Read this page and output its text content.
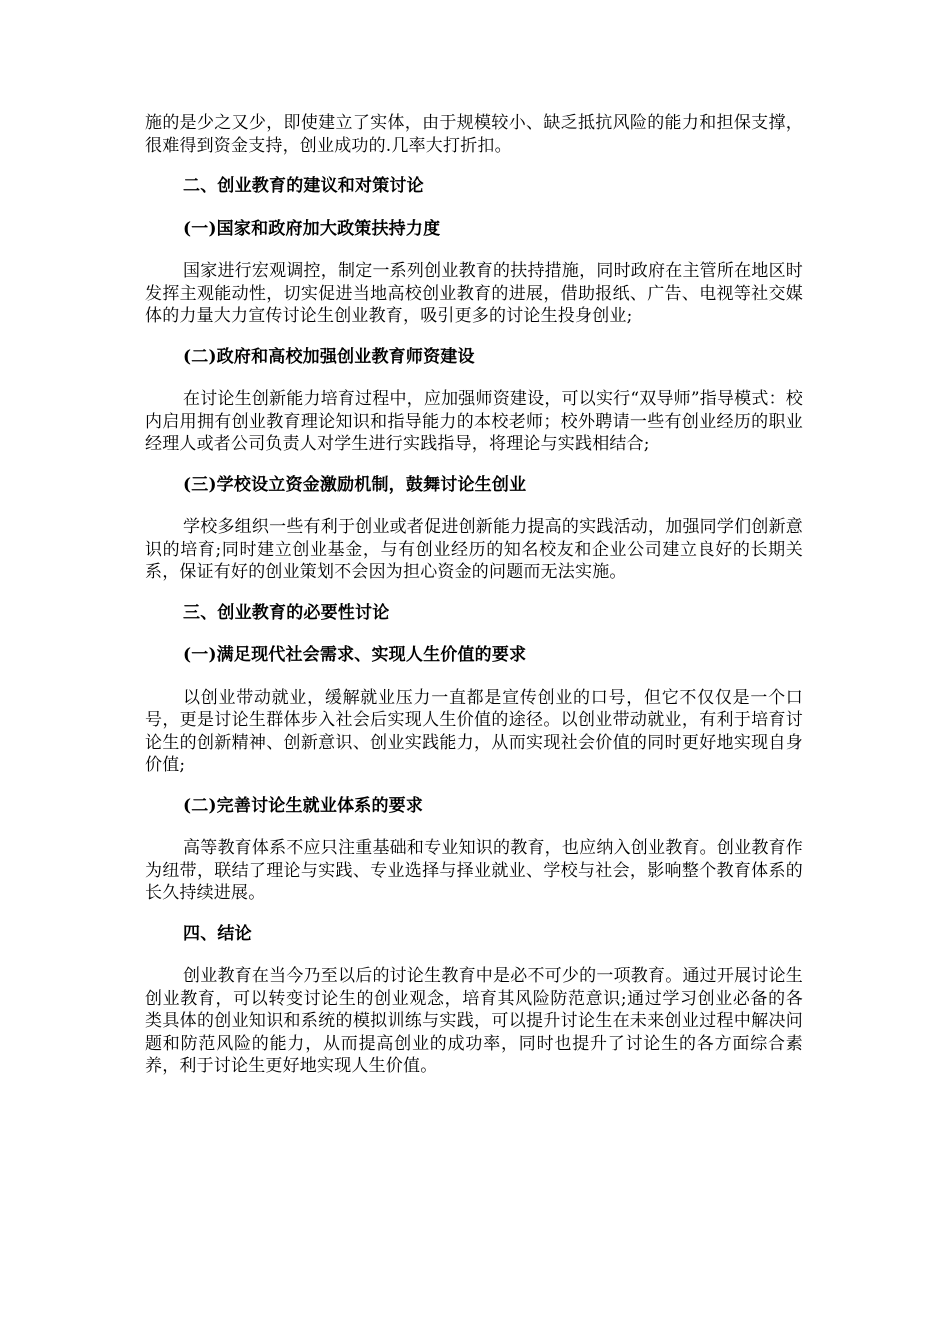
施的是少之又少，即使建立了实体，由于规模较小、缺乏抵抗风险的能力和担保支撑，很难得到资金支持，创业成功的.几率大打折扣。

二、创业教育的建议和对策讨论
(一)国家和政府加大政策扶持力度

国家进行宏观调控，制定一系列创业教育的扶持措施，同时政府在主管所在地区时发挥主观能动性，切实促进当地高校创业教育的进展，借助报纸、广告、电视等社交媒体的力量大力宣传讨论生创业教育，吸引更多的讨论生投身创业;

(二)政府和高校加强创业教育师资建设

在讨论生创新能力培育过程中，应加强师资建设，可以实行“双导师”指导模式：校内启用拥有创业教育理论知识和指导能力的本校老师；校外聘请一些有创业经历的职业经理人或者公司负责人对学生进行实践指导，将理论与实践相结合;

(三)学校设立资金激励机制，鼓舞讨论生创业

学校多组织一些有利于创业或者促进创新能力提高的实践活动，加强同学们创新意识的培育;同时建立创业基金，与有创业经历的知名校友和企业公司建立良好的长期关系，保证有好的创业策划不会因为担心资金的问题而无法实施。

三、创业教育的必要性讨论
(一)满足现代社会需求、实现人生价值的要求

以创业带动就业，缓解就业压力一直都是宣传创业的口号，但它不仅仅是一个口号，更是讨论生群体步入社会后实现人生价值的途径。以创业带动就业，有利于培育讨论生的创新精神、创新意识、创业实践能力，从而实现社会价值的同时更好地实现自身价值;

(二)完善讨论生就业体系的要求

高等教育体系不应只注重基础和专业知识的教育，也应纳入创业教育。创业教育作为纽带，联结了理论与实践、专业选择与择业就业、学校与社会，影响整个教育体系的长久持续进展。

四、结论

创业教育在当今乃至以后的讨论生教育中是必不可少的一项教育。通过开展讨论生创业教育，可以转变讨论生的创业观念，培育其风险防范意识;通过学习创业必备的各类具体的创业知识和系统的模拟训练与实践，可以提升讨论生在未来创业过程中解决问题和防范风险的能力，从而提高创业的成功率，同时也提升了讨论生的各方面综合素养，利于讨论生更好地实现人生价值。
